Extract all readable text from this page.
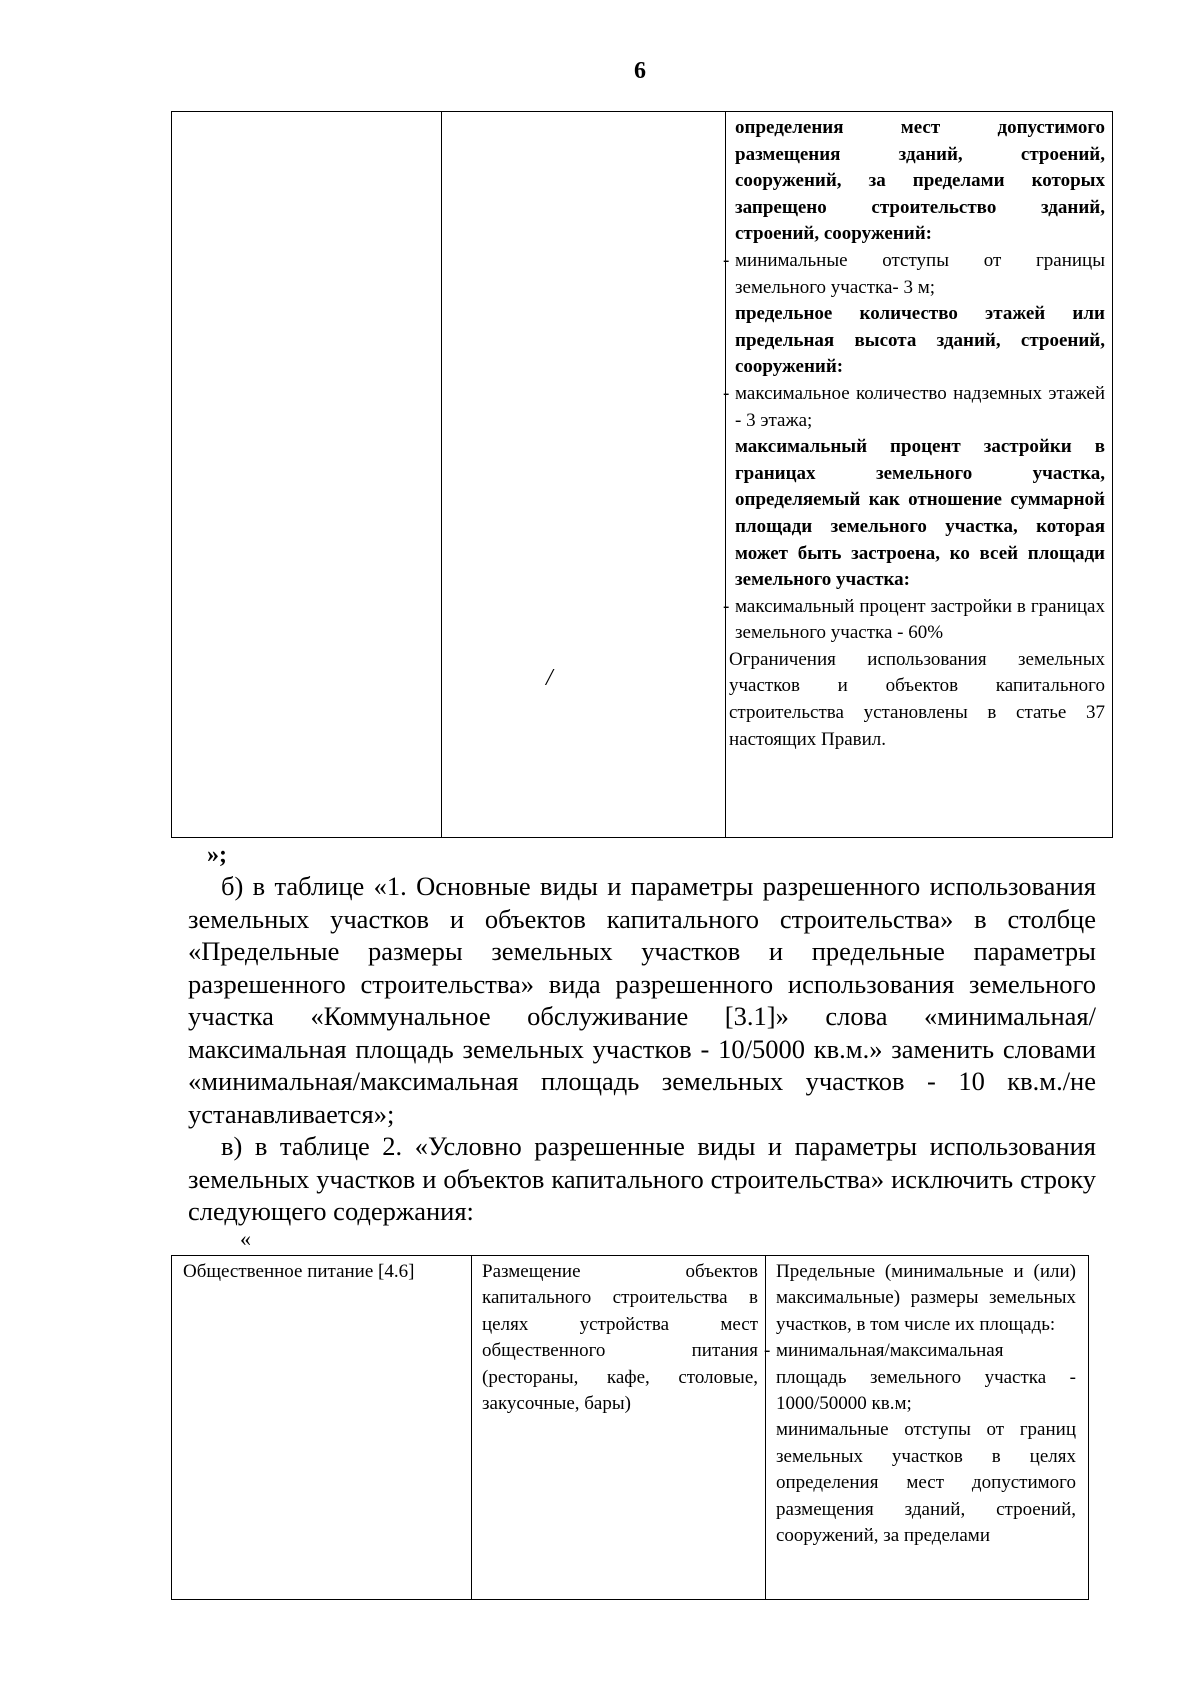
6
/

определения мест допустимого размещения зданий, строений, сооружений, за пределами которых запрещено строительство зданий, строений, сооружений:

- минимальные отступы от границы земельного участка- 3 м;

предельное количество этажей или предельная высота зданий, строений, сооружений:

- максимальное количество надземных этажей - 3 этажа;

максимальный процент застройки в границах земельного участка, определяемый как отношение суммарной площади земельного участка, которая может быть застроена, ко всей площади земельного участка:

- максимальный процент застройки в границах земельного участка - 60%

Ограничения использования земельных участков и объектов капитального строительства установлены в статье 37 настоящих Правил.

»;

б) в таблице «1. Основные виды и параметры разрешенного использования земельных участков и объектов капитального строительства» в столбце «Предельные размеры земельных участков и предельные параметры разрешенного строительства» вида разрешенного использования земельного участка «Коммунальное обслуживание [3.1]» слова «минимальная/максимальная площадь земельных участков - 10/5000 кв.м.» заменить словами «минимальная/максимальная площадь земельных участков - 10 кв.м./не устанавливается»;

в) в таблице 2. «Условно разрешенные виды и параметры использования земельных участков и объектов капитального строительства» исключить строку следующего содержания:

«

Общественное питание [4.6]	Размещение объектов капитального строительства в целях устройства мест общественного питания (рестораны, кафе, столовые, закусочные, бары)

Предельные (минимальные и (или) максимальные) размеры земельных участков, в том числе их площадь:

- минимальная/максимальная площадь земельного участка - 1000/50000 кв.м;

минимальные отступы от границ земельных участков в целях определения мест допустимого размещения зданий, строений, сооружений, за пределами
